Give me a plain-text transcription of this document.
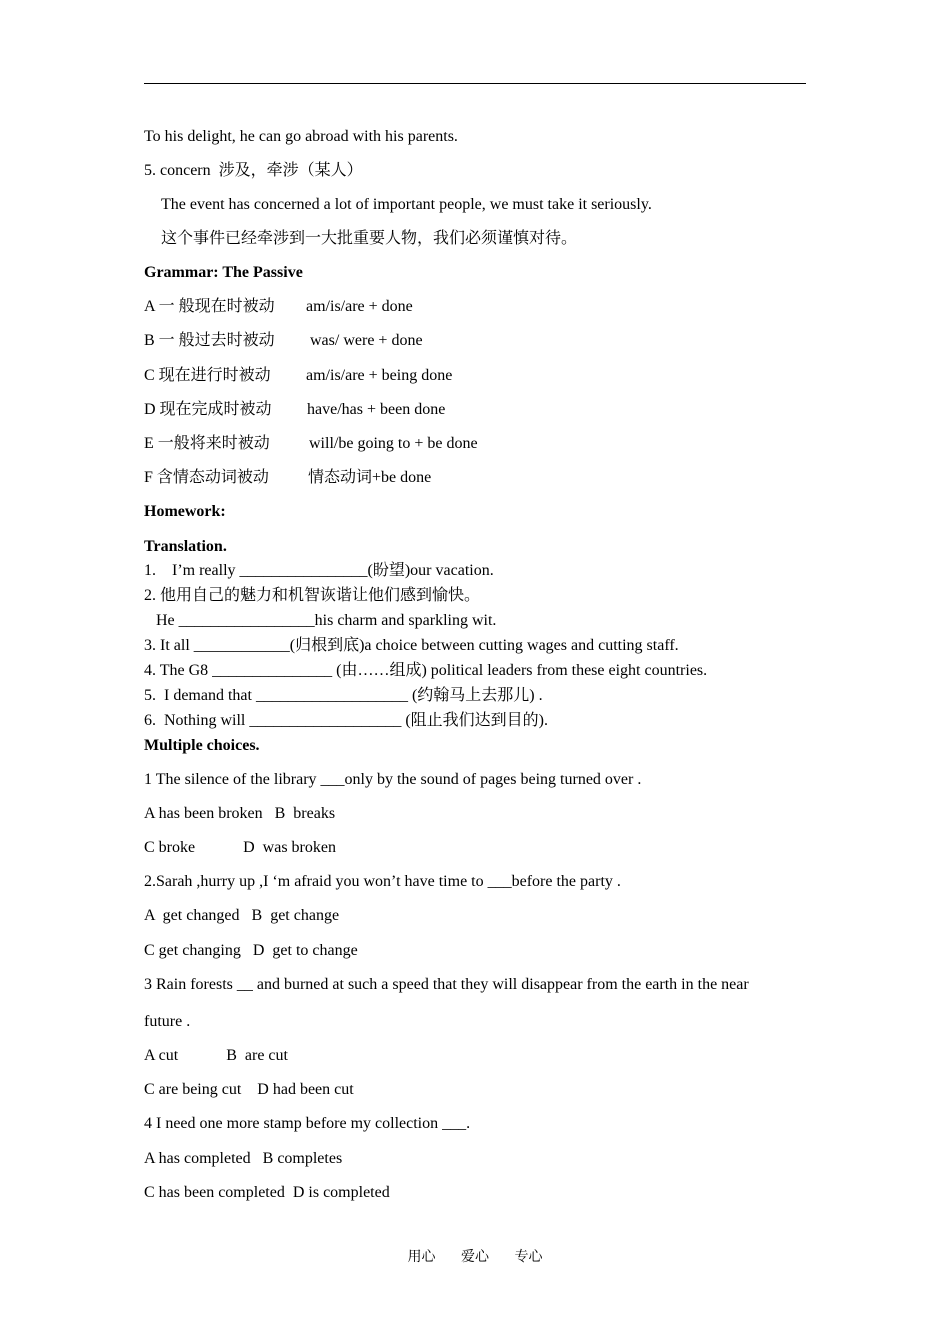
To his delight, he can go abroad with his parents.
5. concern  涉及，牵涉（某人）
The event has concerned a lot of important people, we must take it seriously.
这个事件已经牵涉到一大批重要人物，我们必须谨慎对待。
Grammar: The Passive
A 一 般现在时被动 am/is/are + done
B 一 般过去时被动 was/ were + done
C 现在进行时被动 am/is/are + being done
D 现在完成时被动 have/has + been done
E 一般将来时被动 will/be going to + be done
F 含情态动词被动 情态动词+be done
Homework:
Translation.
1.    I’m really ________________(盼望)our vacation.
2. 他用自己的魅力和机智诙谐让他们感到愉快。
He _________________his charm and sparkling wit.
3. It all ____________(归根到底)a choice between cutting wages and cutting staff.
4. The G8 _______________ (由……组成) political leaders from these eight countries.
5.  I demand that ___________________ (约翰马上去那儿) .
6.  Nothing will ___________________ (阻止我们达到目的).
Multiple choices.
1 The silence of the library ___only by the sound of pages being turned over .
A has been broken   B  breaks
C broke            D  was broken
2.Sarah ,hurry up ,I ‘m afraid you won’t have time to ___before the party .
A  get changed   B  get change
C get changing   D  get to change
3 Rain forests __ and burned at such a speed that they will disappear from the earth in the near
future .
A cut            B  are cut
C are being cut    D had been cut
4 I need one more stamp before my collection ___.
A has completed   B completes
C has been completed  D is completed
用心 爱心 专心
